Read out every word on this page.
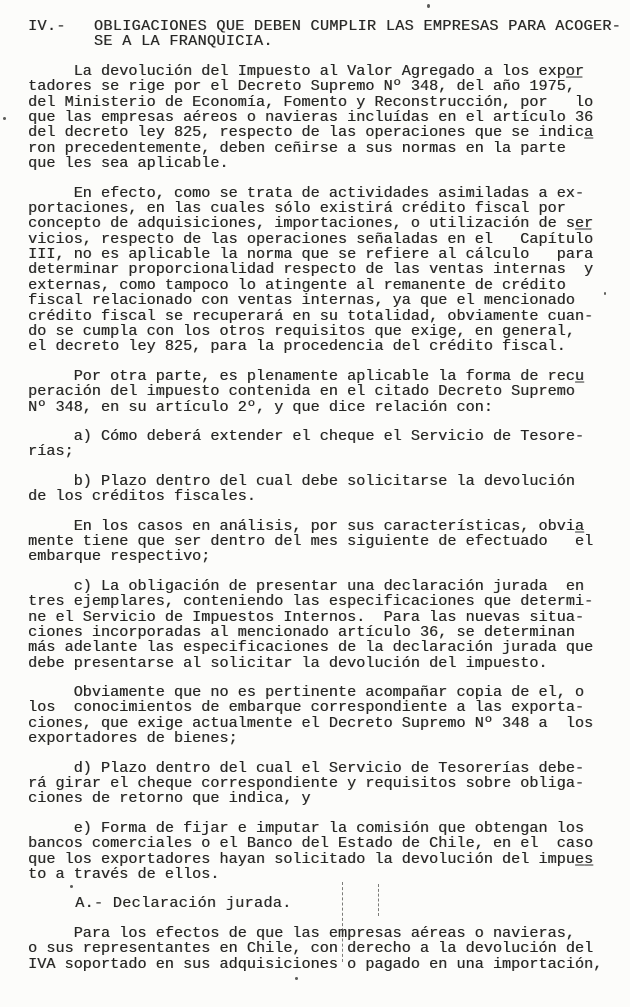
IV.-   OBLIGACIONES QUE DEBEN CUMPLIR LAS EMPRESAS PARA ACOGER-
SE A LA FRANQUICIA.
La devolución del Impuesto al Valor Agregado a los expo̲r̲
tadores se rige por el Decreto Supremo Nº 348, del año 1975,
del Ministerio de Economía, Fomento y Reconstrucción, por   lo
que las empresas aéreos o navieras incluídas en el artículo 36
del decreto ley 825, respecto de las operaciones que se indica̲
ron precedentemente, deben ceñirse a sus normas en la parte
que les sea aplicable.
En efecto, como se trata de actividades asimiladas a ex-
portaciones, en las cuales sólo existirá crédito fiscal por
concepto de adquisiciones, importaciones, o utilización de se̲r̲
vicios, respecto de las operaciones señaladas en el   Capítulo
III, no es aplicable la norma que se refiere al cálculo   para
determinar proporcionalidad respecto de las ventas internas  y
externas, como tampoco lo atingente al remanente de crédito
fiscal relacionado con ventas internas, ya que el mencionado
crédito fiscal se recuperará en su totalidad, obviamente cuan-
do se cumpla con los otros requisitos que exige, en general,
el decreto ley 825, para la procedencia del crédito fiscal.
Por otra parte, es plenamente aplicable la forma de recu̲
peración del impuesto contenida en el citado Decreto Supremo
Nº 348, en su artículo 2º, y que dice relación con:
a) Cómo deberá extender el cheque el Servicio de Tesore-
rías;
b) Plazo dentro del cual debe solicitarse la devolución
de los créditos fiscales.
En los casos en análisis, por sus características, obvia̲
mente tiene que ser dentro del mes siguiente de efectuado   el
embarque respectivo;
c) La obligación de presentar una declaración jurada  en
tres ejemplares, conteniendo las especificaciones que determi-
ne el Servicio de Impuestos Internos.  Para las nuevas situa-
ciones incorporadas al mencionado artículo 36, se determinan
más adelante las especificaciones de la declaración jurada que
debe presentarse al solicitar la devolución del impuesto.
Obviamente que no es pertinente acompañar copia de el, o
los  conocimientos de embarque correspondiente a las exporta-
ciones, que exige actualmente el Decreto Supremo Nº 348 a  los
exportadores de bienes;
d) Plazo dentro del cual el Servicio de Tesorerías debe-
rá girar el cheque correspondiente y requisitos sobre obliga-
ciones de retorno que indica, y
e) Forma de fijar e imputar la comisión que obtengan los
bancos comerciales o el Banco del Estado de Chile, en el  caso
que los exportadores hayan solicitado la devolución del impue̲s̲
to a través de ellos.
A.- Declaración jurada.
Para los efectos de que las empresas aéreas o navieras,
o sus representantes en Chile, con derecho a la devolución del
IVA soportado en sus adquisiciones o pagado en una importación,
